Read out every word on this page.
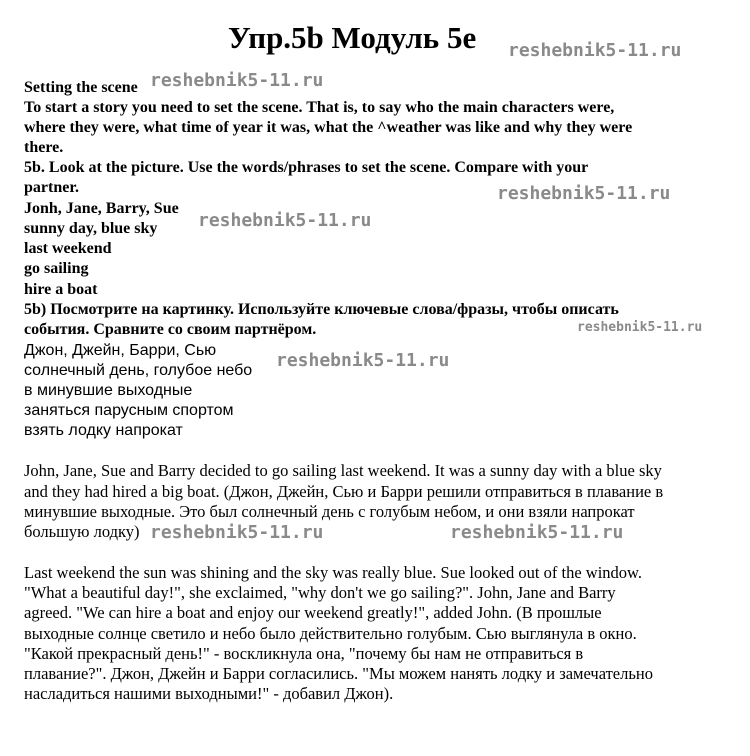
Упр.5b Модуль 5e reshebnik5-11.ru
Setting the scene reshebnik5-11.ru
To start a story you need to set the scene. That is, to say who the main characters were,
where they were, what time of year it was, what the ^weather was like and why they were
there.
5b. Look at the picture. Use the words/phrases to set the scene. Compare with your
partner.	reshebnik5-11.ru
Jonh, Jane, Barry, Sue
reshebnik5-11.ru
sunny day, blue sky
last weekend
go sailing
hire a boat
5b) Посмотрите на картинку. Используйте ключевые слова/фразы, чтобы описать
события. Сравните со своим партнёром.	reshebnik5-11.ru
Джон, Джейн, Барри, Сью	reshebnik5-11.ru
солнечный день, голубое небо
в минувшие выходные
заняться парусным спортом
взять лодку напрокат
John, Jane, Sue and Barry decided to go sailing last weekend. It was a sunny day with a blue sky
and they had hired a big boat. (Джон, Джейн, Сью и Барри решили отправиться в плавание в
минувшие выходные. Это был солнечный день с голубым небом, и они взяли напрокат
большую лодку) reshebnik5-11.ru	reshebnik5-11.ru
Last weekend the sun was shining and the sky was really blue. Sue looked out of the window.
"What a beautiful day!", she exclaimed, "why don't we go sailing?". John, Jane and Barry
agreed. "We can hire a boat and enjoy our weekend greatly!", added John. (В прошлые
выходные солнце светило и небо было действительно голубым. Сью выглянула в окно.
"Какой прекрасный день!" - воскликнула она, "почему бы нам не отправиться в
плавание?". Джон, Джейн и Барри согласились. "Мы можем нанять лодку и замечательно
насладиться нашими выходными!" - добавил Джон).
